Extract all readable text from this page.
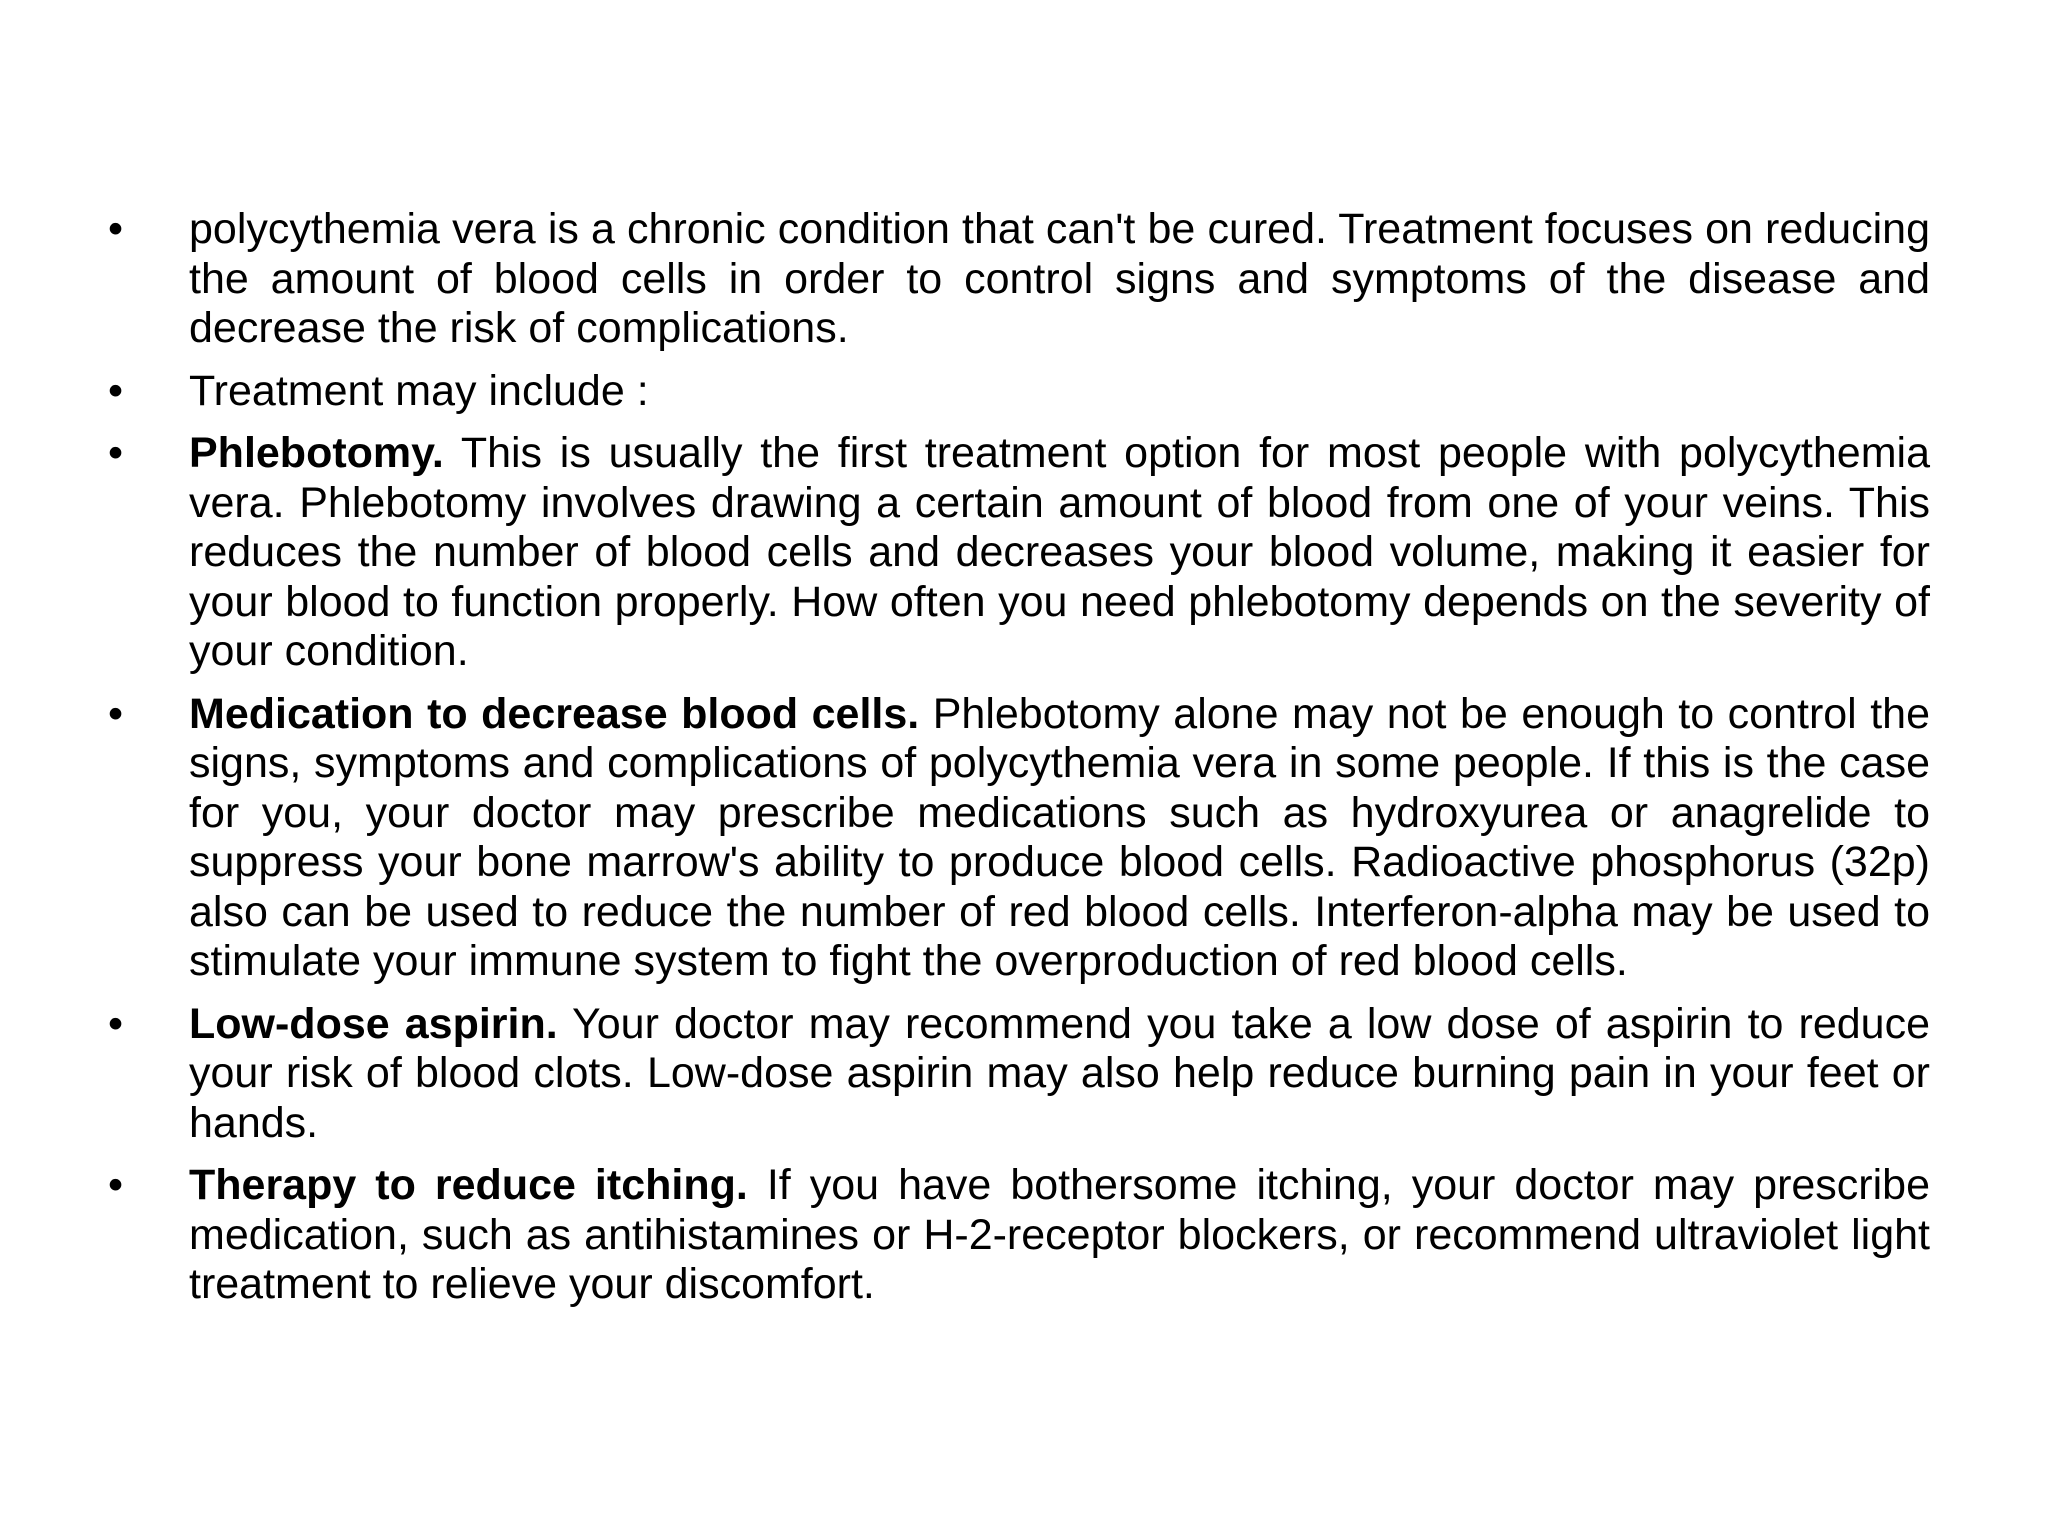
•	polycythemia vera is a chronic condition that can't be cured. Treatment focuses on reducing the amount of blood cells in order to control signs and symptoms of the disease and decrease the risk of complications.
•	Treatment may include :
•	Phlebotomy. This is usually the first treatment option for most people with polycythemia vera. Phlebotomy involves drawing a certain amount of blood from one of your veins. This reduces the number of blood cells and decreases your blood volume, making it easier for your blood to function properly. How often you need phlebotomy depends on the severity of your condition.
•	Medication to decrease blood cells. Phlebotomy alone may not be enough to control the signs, symptoms and complications of polycythemia vera in some people. If this is the case for you, your doctor may prescribe medications such as hydroxyurea or anagrelide to suppress your bone marrow's ability to produce blood cells. Radioactive phosphorus (32p) also can be used to reduce the number of red blood cells. Interferon-alpha may be used to stimulate your immune system to fight the overproduction of red blood cells.
•	Low-dose aspirin. Your doctor may recommend you take a low dose of aspirin to reduce your risk of blood clots. Low-dose aspirin may also help reduce burning pain in your feet or hands.
•	Therapy to reduce itching. If you have bothersome itching, your doctor may prescribe medication, such as antihistamines or H-2-receptor blockers, or recommend ultraviolet light treatment to relieve your discomfort.
